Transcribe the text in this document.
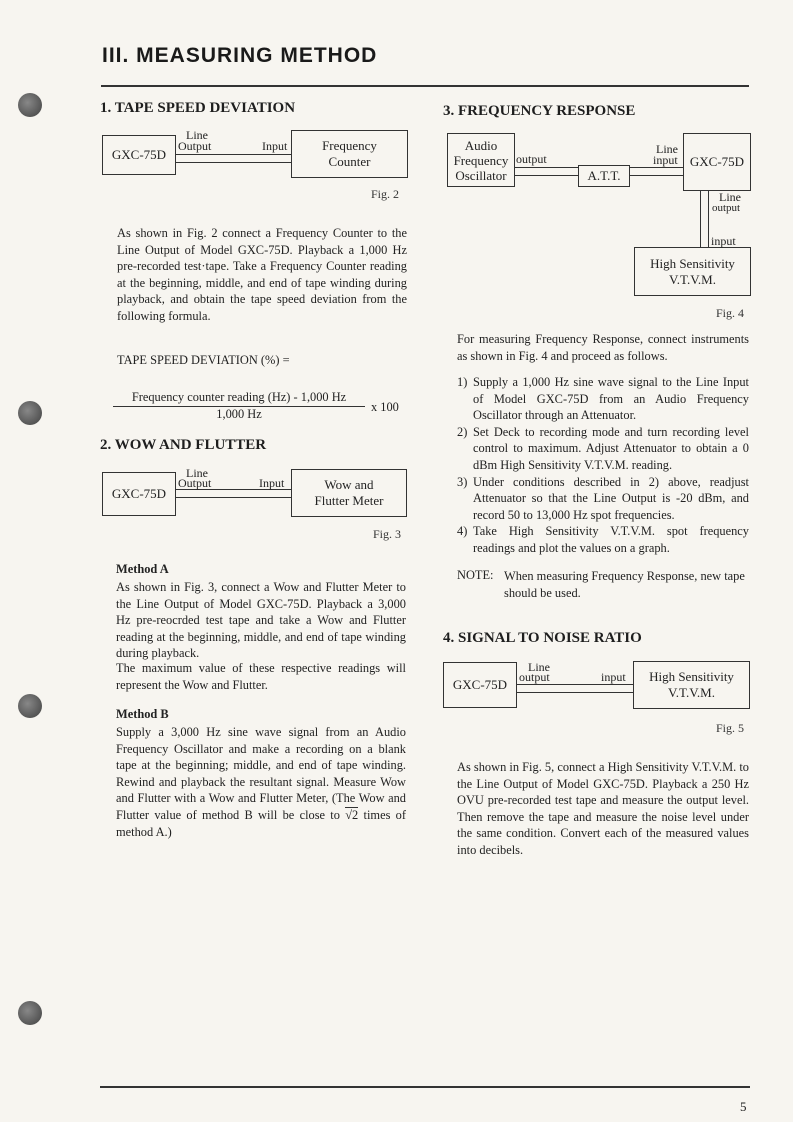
III. MEASURING METHOD
1. TAPE SPEED DEVIATION
GXC-75D
Frequency
Counter
Line
Output	Input
Fig. 2
As shown in Fig. 2 connect a Frequency Counter to the Line Output of Model GXC-75D. Playback a 1,000 Hz pre-recorded test·tape. Take a Frequency Counter reading at the beginning, middle, and end of tape winding during playback, and obtain the tape speed deviation from the following formula.
TAPE SPEED DEVIATION (%) =
Frequency counter reading (Hz) - 1,000 Hz
1,000 Hz	x 100
2. WOW AND FLUTTER
GXC-75D
Wow and
Flutter Meter
Line
Output	Input
Fig. 3
Method A
As shown in Fig. 3, connect a Wow and Flutter Meter to the Line Output of Model GXC-75D. Playback a 3,000 Hz pre-reocrded test tape and take a Wow and Flutter reading at the beginning, middle, and end of tape winding during playback.
The maximum value of these respective readings will represent the Wow and Flutter.
Method B
Supply a 3,000 Hz sine wave signal from an Audio Frequency Oscillator and make a recording on a blank tape at the beginning; middle, and end of tape winding. Rewind and playback the resultant signal. Measure Wow and Flutter with a Wow and Flutter Meter, (The Wow and Flutter value of method B will be close to √2 times of method A.)
3. FREQUENCY RESPONSE
Audio
Frequency
Oscillator	A.T.T.
GXC-75D
High Sensitivity
V.T.V.M.
output
Line
input
Line
output
input
Fig. 4
For measuring Frequency Response, connect instruments as shown in Fig. 4 and proceed as follows.
1) Supply a 1,000 Hz sine wave signal to the Line Input of Model GXC-75D from an Audio Frequency Oscillator through an Attenuator.
2) Set Deck to recording mode and turn recording level control to maximum. Adjust Attenuator to obtain a 0 dBm High Sensitivity V.T.V.M. reading.
3) Under conditions described in 2) above, readjust Attenuator so that the Line Output is -20 dBm, and record 50 to 13,000 Hz spot frequencies.
4) Take High Sensitivity V.T.V.M. spot frequency readings and plot the values on a graph.
NOTE: When measuring Frequency Response, new tape should be used.
4. SIGNAL TO NOISE RATIO
GXC-75D
High Sensitivity
V.T.V.M.
Line
output	input
Fig. 5
As shown in Fig. 5, connect a High Sensitivity V.T.V.M. to the Line Output of Model GXC-75D. Playback a 250 Hz OVU pre-recorded test tape and measure the output level. Then remove the tape and measure the noise level under the same condition. Convert each of the measured values into decibels.
5
